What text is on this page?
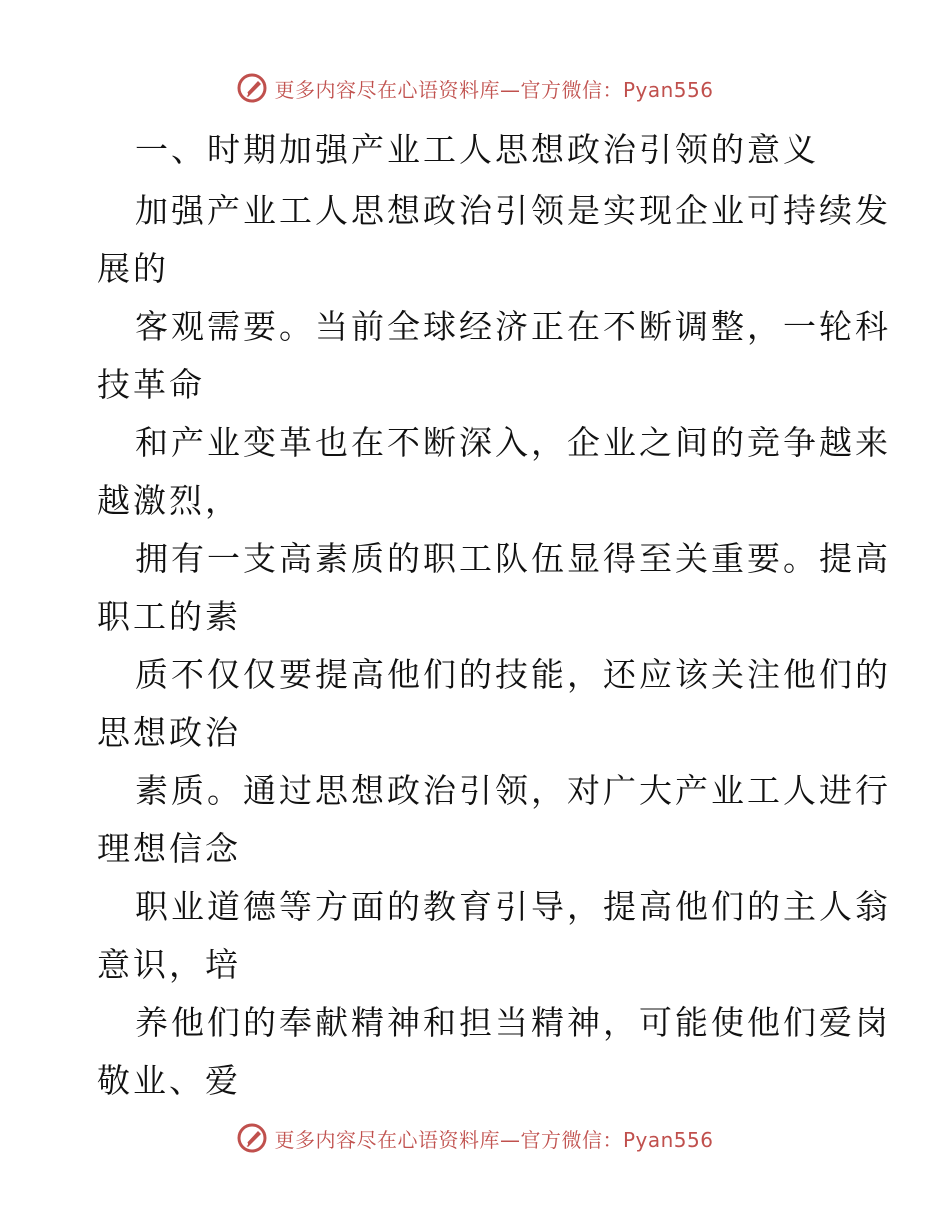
更多内容尽在心语资料库—官方微信：Pyan556
一、时期加强产业工人思想政治引领的意义

加强产业工人思想政治引领是实现企业可持续发
展的

客观需要。当前全球经济正在不断调整，一轮科
技革命

和产业变革也在不断深入，企业之间的竞争越来
越激烈，

拥有一支高素质的职工队伍显得至关重要。提高
职工的素

质不仅仅要提高他们的技能，还应该关注他们的
思想政治

素质。通过思想政治引领，对广大产业工人进行
理想信念

职业道德等方面的教育引导，提高他们的主人翁
意识，培

养他们的奉献精神和担当精神，可能使他们爱岗
敬业、爱

更多内容尽在心语资料库—官方微信：Pyan556
